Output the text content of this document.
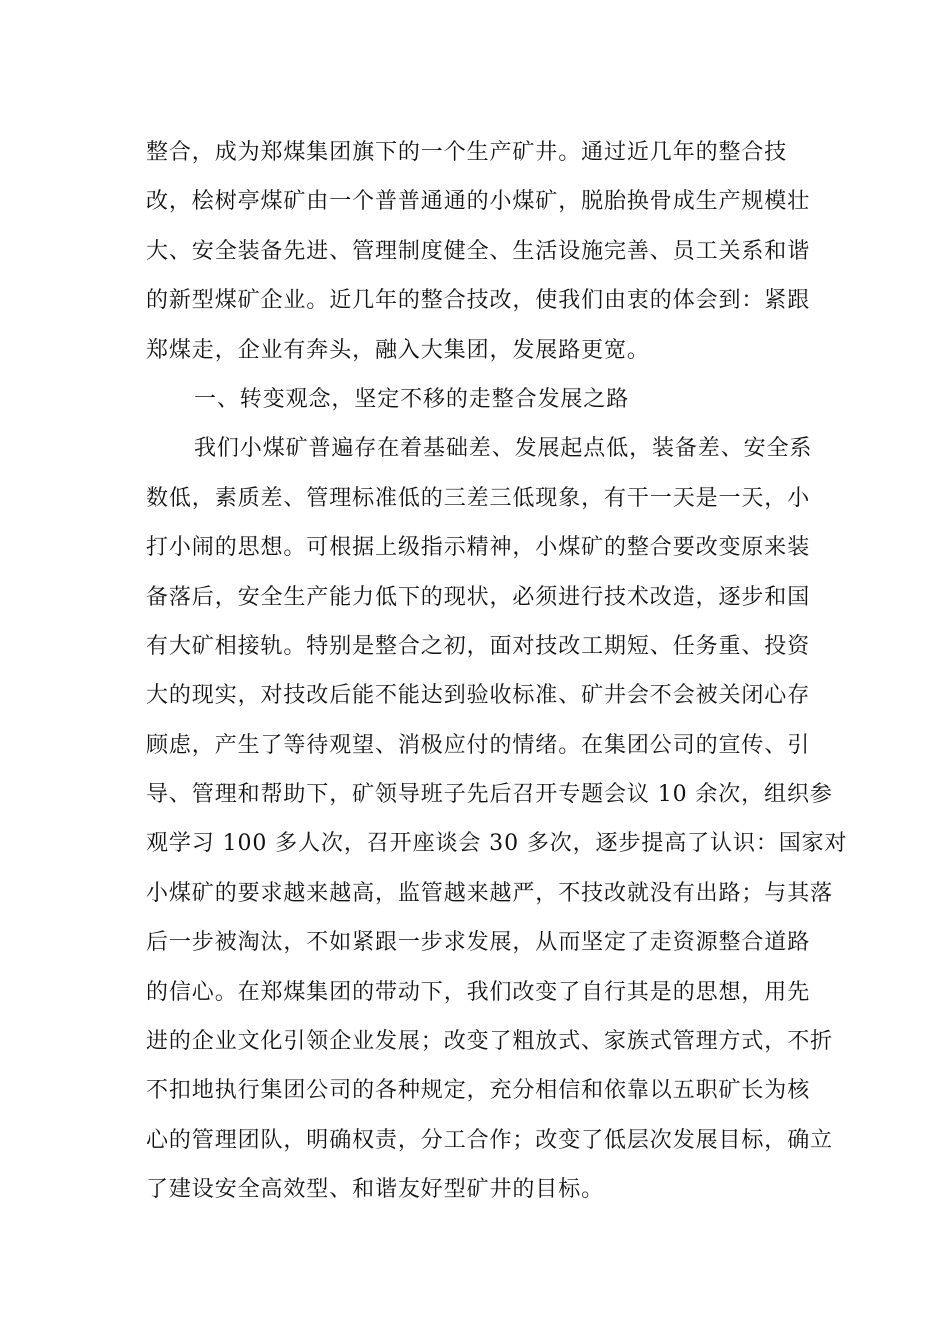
整合，成为郑煤集团旗下的一个生产矿井。通过近几年的整合技
改，桧树亭煤矿由一个普普通通的小煤矿，脱胎换骨成生产规模壮
大、安全装备先进、管理制度健全、生活设施完善、员工关系和谐
的新型煤矿企业。近几年的整合技改，使我们由衷的体会到：紧跟
郑煤走，企业有奔头，融入大集团，发展路更宽。
一、转变观念，坚定不移的走整合发展之路
我们小煤矿普遍存在着基础差、发展起点低，装备差、安全系
数低，素质差、管理标准低的三差三低现象，有干一天是一天，小
打小闹的思想。可根据上级指示精神，小煤矿的整合要改变原来装
备落后，安全生产能力低下的现状，必须进行技术改造，逐步和国
有大矿相接轨。特别是整合之初，面对技改工期短、任务重、投资
大的现实，对技改后能不能达到验收标准、矿井会不会被关闭心存
顾虑，产生了等待观望、消极应付的情绪。在集团公司的宣传、引
导、管理和帮助下，矿领导班子先后召开专题会议 10 余次，组织参
观学习 100 多人次，召开座谈会 30 多次，逐步提高了认识：国家对
小煤矿的要求越来越高，监管越来越严，不技改就没有出路；与其落
后一步被淘汰，不如紧跟一步求发展，从而坚定了走资源整合道路
的信心。在郑煤集团的带动下，我们改变了自行其是的思想，用先
进的企业文化引领企业发展；改变了粗放式、家族式管理方式，不折
不扣地执行集团公司的各种规定，充分相信和依靠以五职矿长为核
心的管理团队，明确权责，分工合作；改变了低层次发展目标，确立
了建设安全高效型、和谐友好型矿井的目标。
